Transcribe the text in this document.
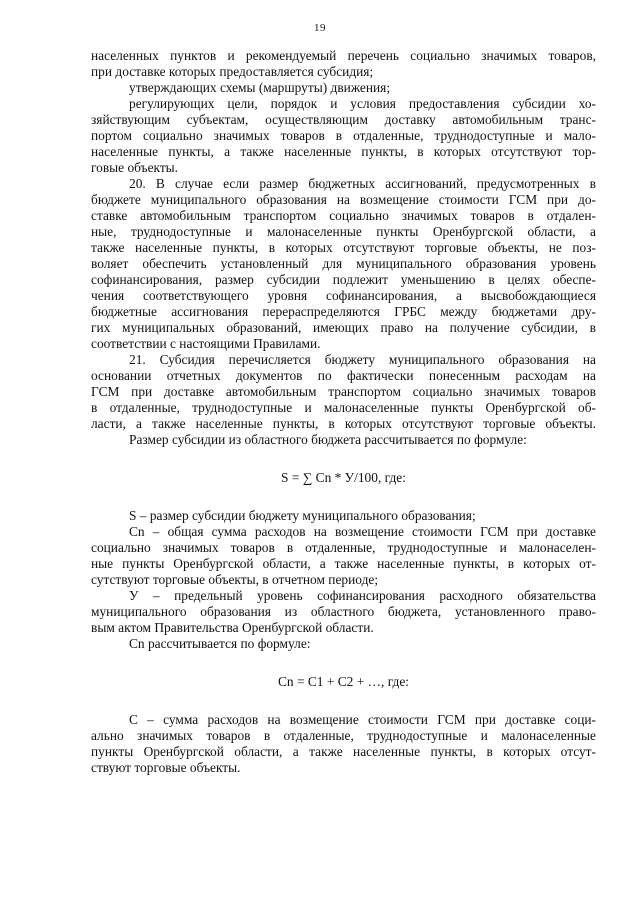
19
населенных пунктов и рекомендуемый перечень социально значимых товаров,
при доставке которых предоставляется субсидия;
утверждающих схемы (маршруты) движения;
регулирующих цели, порядок и условия предоставления субсидии хо-
зяйствующим субъектам, осуществляющим доставку автомобильным транс-
портом социально значимых товаров в отдаленные, труднодоступные и мало-
населенные пункты, а также населенные пункты, в которых отсутствуют тор-
говые объекты.
20. В случае если размер бюджетных ассигнований, предусмотренных в
бюджете муниципального образования на возмещение стоимости ГСМ при до-
ставке автомобильным транспортом социально значимых товаров в отдален-
ные, труднодоступные и малонаселенные пункты Оренбургской области, а
также населенные пункты, в которых отсутствуют торговые объекты, не поз-
воляет обеспечить установленный для муниципального образования уровень
софинансирования, размер субсидии подлежит уменьшению в целях обеспе-
чения соответствующего уровня софинансирования, а высвобождающиеся
бюджетные ассигнования перераспределяются ГРБС между бюджетами дру-
гих муниципальных образований, имеющих право на получение субсидии, в
соответствии с настоящими Правилами.
21. Субсидия перечисляется бюджету муниципального образования на
основании отчетных документов по фактически понесенным расходам на
ГСМ при доставке автомобильным транспортом социально значимых товаров
в отдаленные, труднодоступные и малонаселенные пункты Оренбургской об-
ласти, а также населенные пункты, в которых отсутствуют торговые объекты.
Размер субсидии из областного бюджета рассчитывается по формуле:
S = ∑ Cn * У/100, где:
S – размер субсидии бюджету муниципального образования;
Cn – общая сумма расходов на возмещение стоимости ГСМ при доставке
социально значимых товаров в отдаленные, труднодоступные и малонаселен-
ные пункты Оренбургской области, а также населенные пункты, в которых от-
сутствуют торговые объекты, в отчетном периоде;
У – предельный уровень софинансирования расходного обязательства
муниципального образования из областного бюджета, установленного право-
вым актом Правительства Оренбургской области.
Cn рассчитывается по формуле:
Cn = C1 + C2 + …, где:
C – сумма расходов на возмещение стоимости ГСМ при доставке соци-
ально значимых товаров в отдаленные, труднодоступные и малонаселенные
пункты Оренбургской области, а также населенные пункты, в которых отсут-
ствуют торговые объекты.
